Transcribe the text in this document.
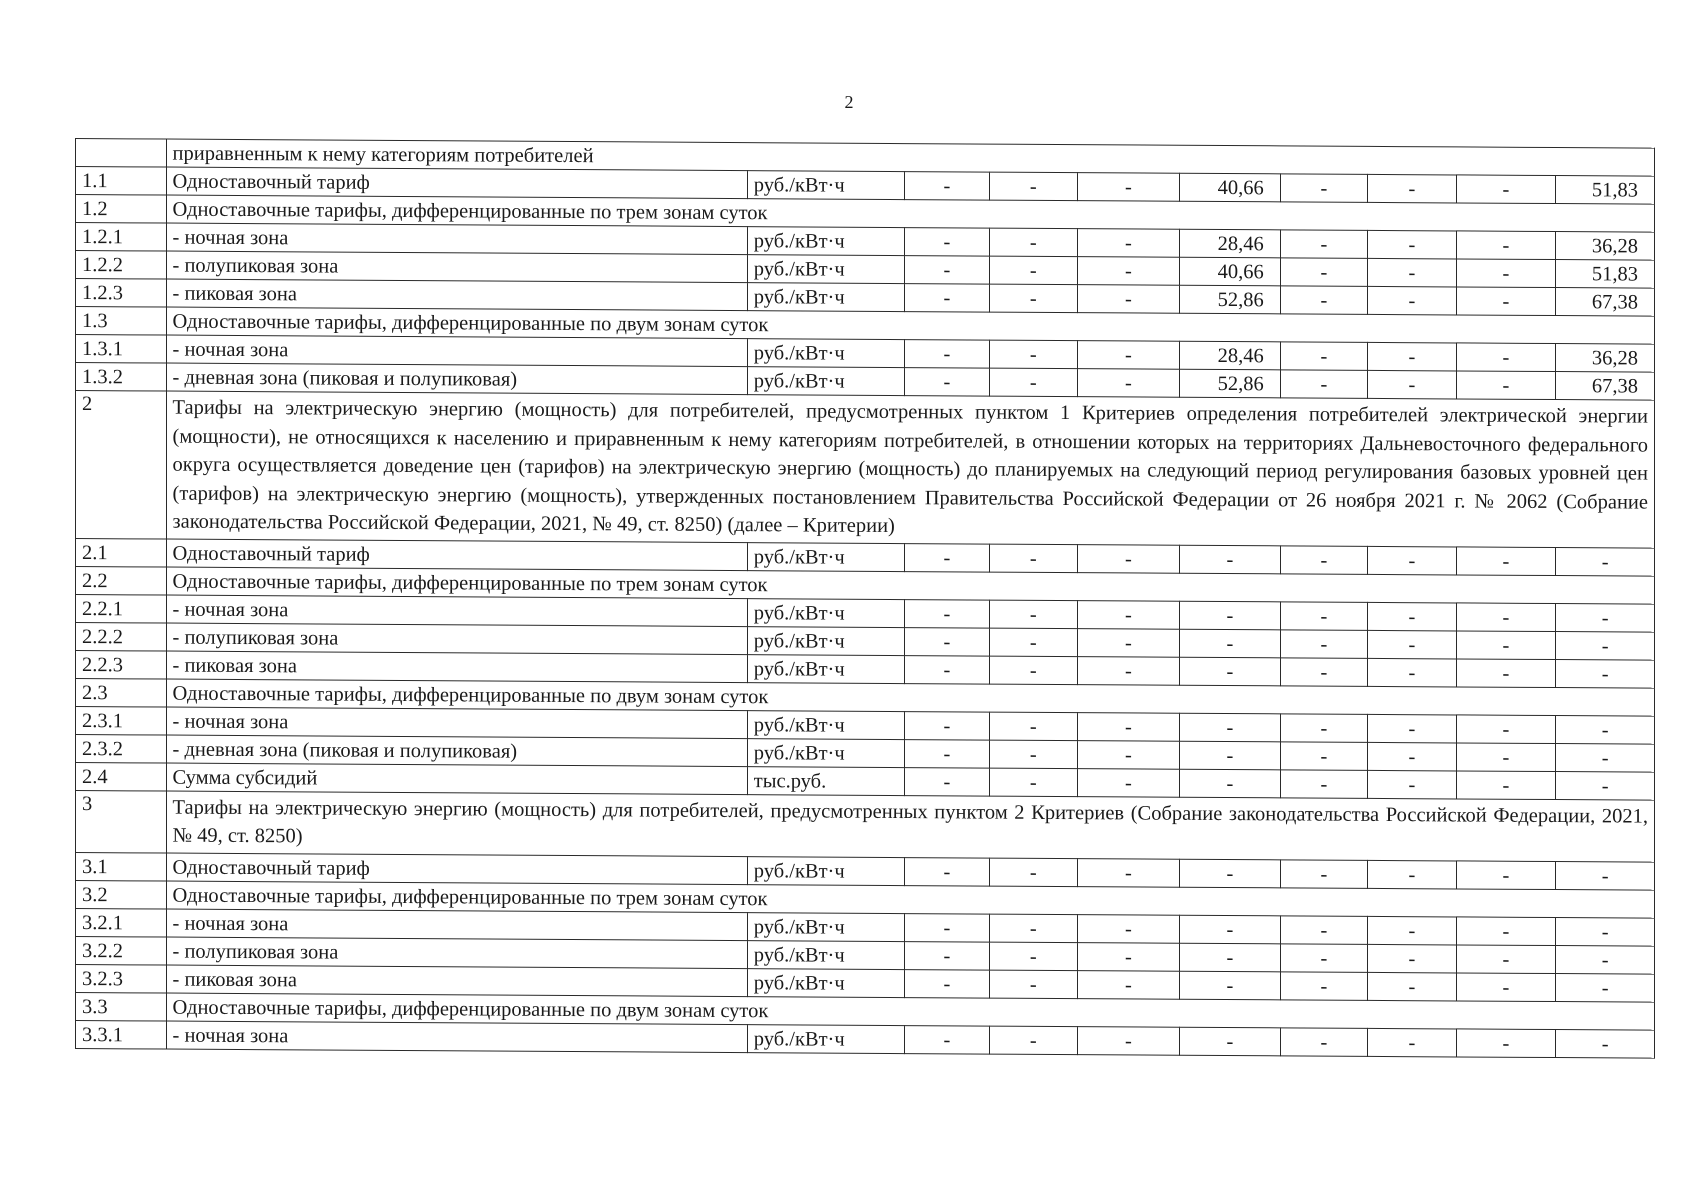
2
	приравненным к нему категориям потребителей									
1.1	Одноставочный тариф	руб./кВт·ч	-	-	-	40,66	-	-	-	51,83
1.2	Одноставочные тарифы, дифференцированные по трем зонам суток									
1.2.1	- ночная зона	руб./кВт·ч	-	-	-	28,46	-	-	-	36,28
1.2.2	- полупиковая зона	руб./кВт·ч	-	-	-	40,66	-	-	-	51,83
1.2.3	- пиковая зона	руб./кВт·ч	-	-	-	52,86	-	-	-	67,38
1.3	Одноставочные тарифы, дифференцированные по двум зонам суток									
1.3.1	- ночная зона	руб./кВт·ч	-	-	-	28,46	-	-	-	36,28
1.3.2	- дневная зона (пиковая и полупиковая)	руб./кВт·ч	-	-	-	52,86	-	-	-	67,38
2	Тарифы на электрическую энергию (мощность) для потребителей, предусмотренных пунктом 1 Критериев определения потребителей электрической энергии (мощности), не относящихся к населению и приравненным к нему категориям потребителей, в отношении которых на территориях Дальневосточного федерального округа осуществляется доведение цен (тарифов) на электрическую энергию (мощность) до планируемых на следующий период регулирования базовых уровней цен (тарифов) на электрическую энергию (мощность), утвержденных постановлением Правительства Российской Федерации от 26 ноября 2021 г. № 2062 (Собрание законодательства Российской Федерации, 2021, № 49, ст. 8250) (далее – Критерии)									
2.1	Одноставочный тариф	руб./кВт·ч	-	-	-	-	-	-	-	-
2.2	Одноставочные тарифы, дифференцированные по трем зонам суток									
2.2.1	- ночная зона	руб./кВт·ч	-	-	-	-	-	-	-	-
2.2.2	- полупиковая зона	руб./кВт·ч	-	-	-	-	-	-	-	-
2.2.3	- пиковая зона	руб./кВт·ч	-	-	-	-	-	-	-	-
2.3	Одноставочные тарифы, дифференцированные по двум зонам суток									
2.3.1	- ночная зона	руб./кВт·ч	-	-	-	-	-	-	-	-
2.3.2	- дневная зона (пиковая и полупиковая)	руб./кВт·ч	-	-	-	-	-	-	-	-
2.4	Сумма субсидий	тыс.руб.	-	-	-	-	-	-	-	-
3	Тарифы на электрическую энергию (мощность) для потребителей, предусмотренных пунктом 2 Критериев (Собрание законодательства Российской Федерации, 2021, № 49, ст. 8250)									
3.1	Одноставочный тариф	руб./кВт·ч	-	-	-	-	-	-	-	-
3.2	Одноставочные тарифы, дифференцированные по трем зонам суток									
3.2.1	- ночная зона	руб./кВт·ч	-	-	-	-	-	-	-	-
3.2.2	- полупиковая зона	руб./кВт·ч	-	-	-	-	-	-	-	-
3.2.3	- пиковая зона	руб./кВт·ч	-	-	-	-	-	-	-	-
3.3	Одноставочные тарифы, дифференцированные по двум зонам суток									
3.3.1	- ночная зона	руб./кВт·ч	-	-	-	-	-	-	-	-
